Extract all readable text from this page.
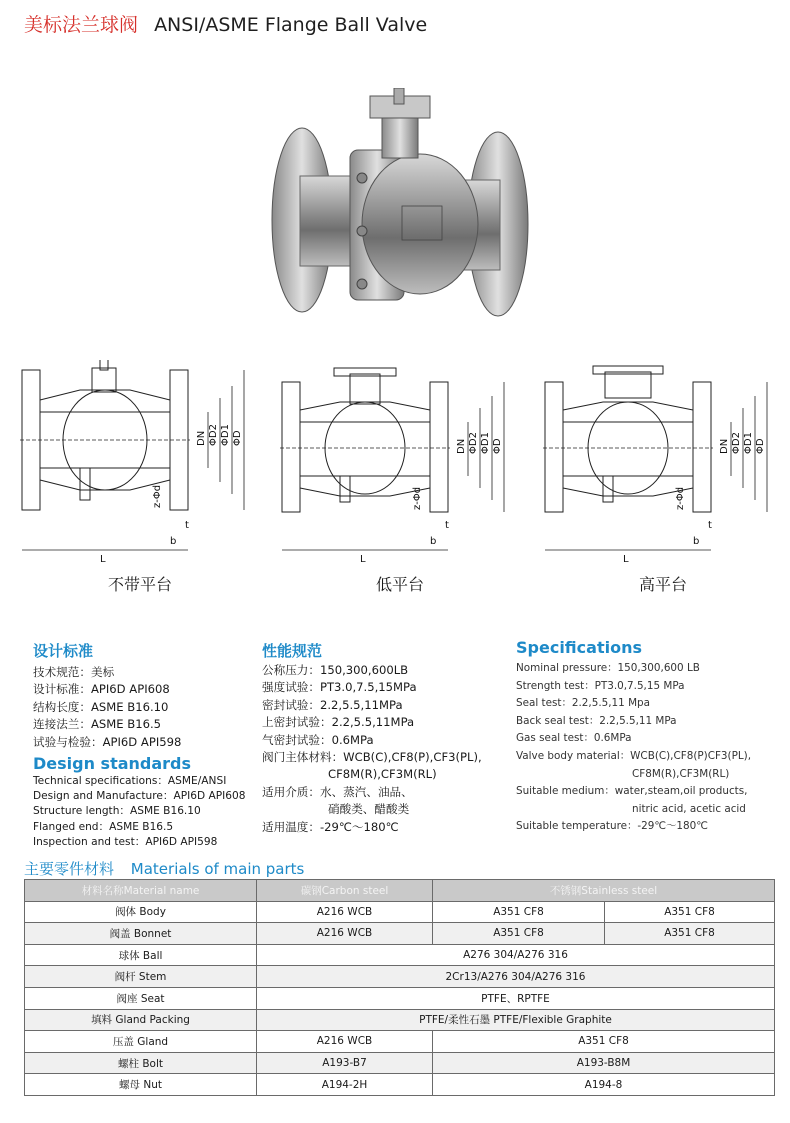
美标法兰球阀 ANSI/ASME Flange Ball Valve
L
DN ΦD2 ΦD1 ΦD
z-Φd
b
t
L
DN ΦD2 ΦD1 ΦD
z-Φd
b
t
L
DN ΦD2 ΦD1 ΦD
z-Φd
b
t
不带平台	低平台	高平台
设计标准
技术规范：美标
设计标准：API6D API608
结构长度：ASME B16.10
连接法兰：ASME B16.5
试验与检验：API6D API598
Design standards
Technical specifications：ASME/ANSI
Design and Manufacture：API6D API608
Structure length：ASME B16.10
Flanged end：ASME B16.5
Inspection and test：API6D API598
性能规范
公称压力：150,300,600LB
强度试验：PT3.0,7.5,15MPa
密封试验：2.2,5.5,11MPa
上密封试验：2.2,5.5,11MPa
气密封试验：0.6MPa
阀门主体材料：WCB(C),CF8(P),CF3(PL),
CF8M(R),CF3M(RL)
适用介质：水、蒸汽、油品、
硝酸类、醋酸类
适用温度：-29℃～180℃
Specifications
Nominal pressure：150,300,600 LB
Strength test：PT3.0,7.5,15 MPa
Seal test：2.2,5.5,11 Mpa
Back seal test：2.2,5.5,11 MPa
Gas seal test：0.6MPa
Valve body material：WCB(C),CF8(P)CF3(PL),
CF8M(R),CF3M(RL)
Suitable medium：water,steam,oil products,
nitric acid, acetic acid
Suitable temperature：-29℃～180℃
主要零件材料 Materials of main parts
材料名称Material name	碳钢Carbon steel	不锈钢Stainless steel	
阀体 Body	A216 WCB	A351 CF8	A351 CF8
阀盖 Bonnet	A216 WCB	A351 CF8	A351 CF8
球体 Ball	A276 304/A276 316		
阀杆 Stem	2Cr13/A276 304/A276 316		
阀座 Seat	PTFE、RPTFE		
填料 Gland Packing	PTFE/柔性石墨 PTFE/Flexible Graphite		
压盖 Gland	A216 WCB	A351 CF8	
螺柱 Bolt	A193-B7	A193-B8M	
螺母 Nut	A194-2H	A194-8	
